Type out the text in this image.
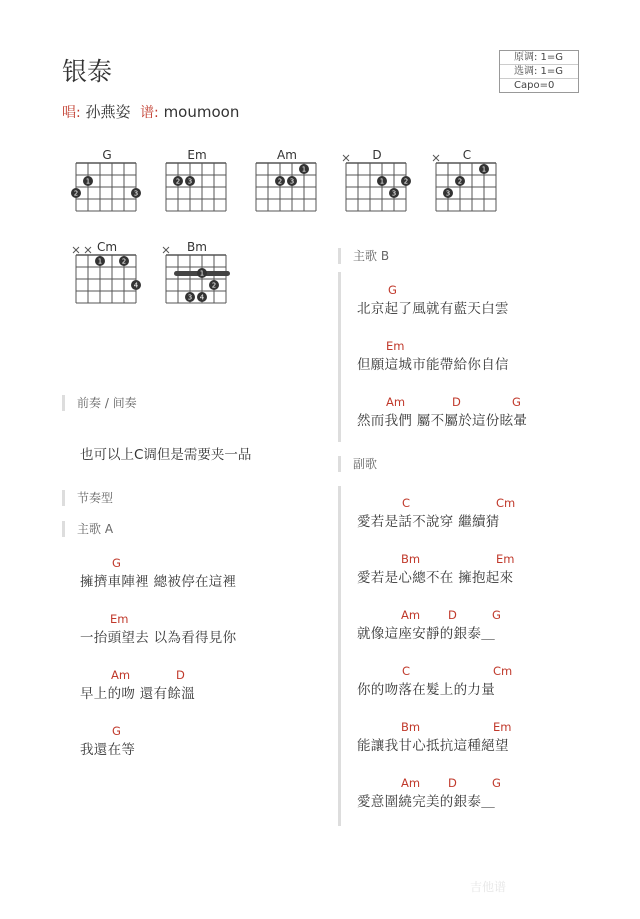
银泰
唱: 孙燕姿 谱: moumoon
原调: 1=G
选调: 1=G
Capo=0
G
1
2	3
Em
2 3
Am
1
2 3
D
1	2
3
C
1
2
3
Cm
1	2
4
Bm
1
2
3 4
前奏 / 间奏
也可以上C调但是需要夹一品
节奏型
主歌 A
G
擁擠車陣裡 總被停在這裡
Em
一抬頭望去 以為看得見你
Am	D
早上的吻 還有餘溫
G
我還在等
主歌 B
G
北京起了風就有藍天白雲
Em
但願這城市能帶給你自信
Am	D	G
然而我們 屬不屬於這份眩暈
副歌
C	Cm
愛若是話不說穿 繼續猜
Bm	Em
愛若是心總不在 擁抱起來
Am D	G
就像這座安靜的銀泰＿
C	Cm
你的吻落在髮上的力量
Bm	Em
能讓我甘心抵抗這種絕望
Am D	G
愛意圍繞完美的銀泰＿
吉他谱
